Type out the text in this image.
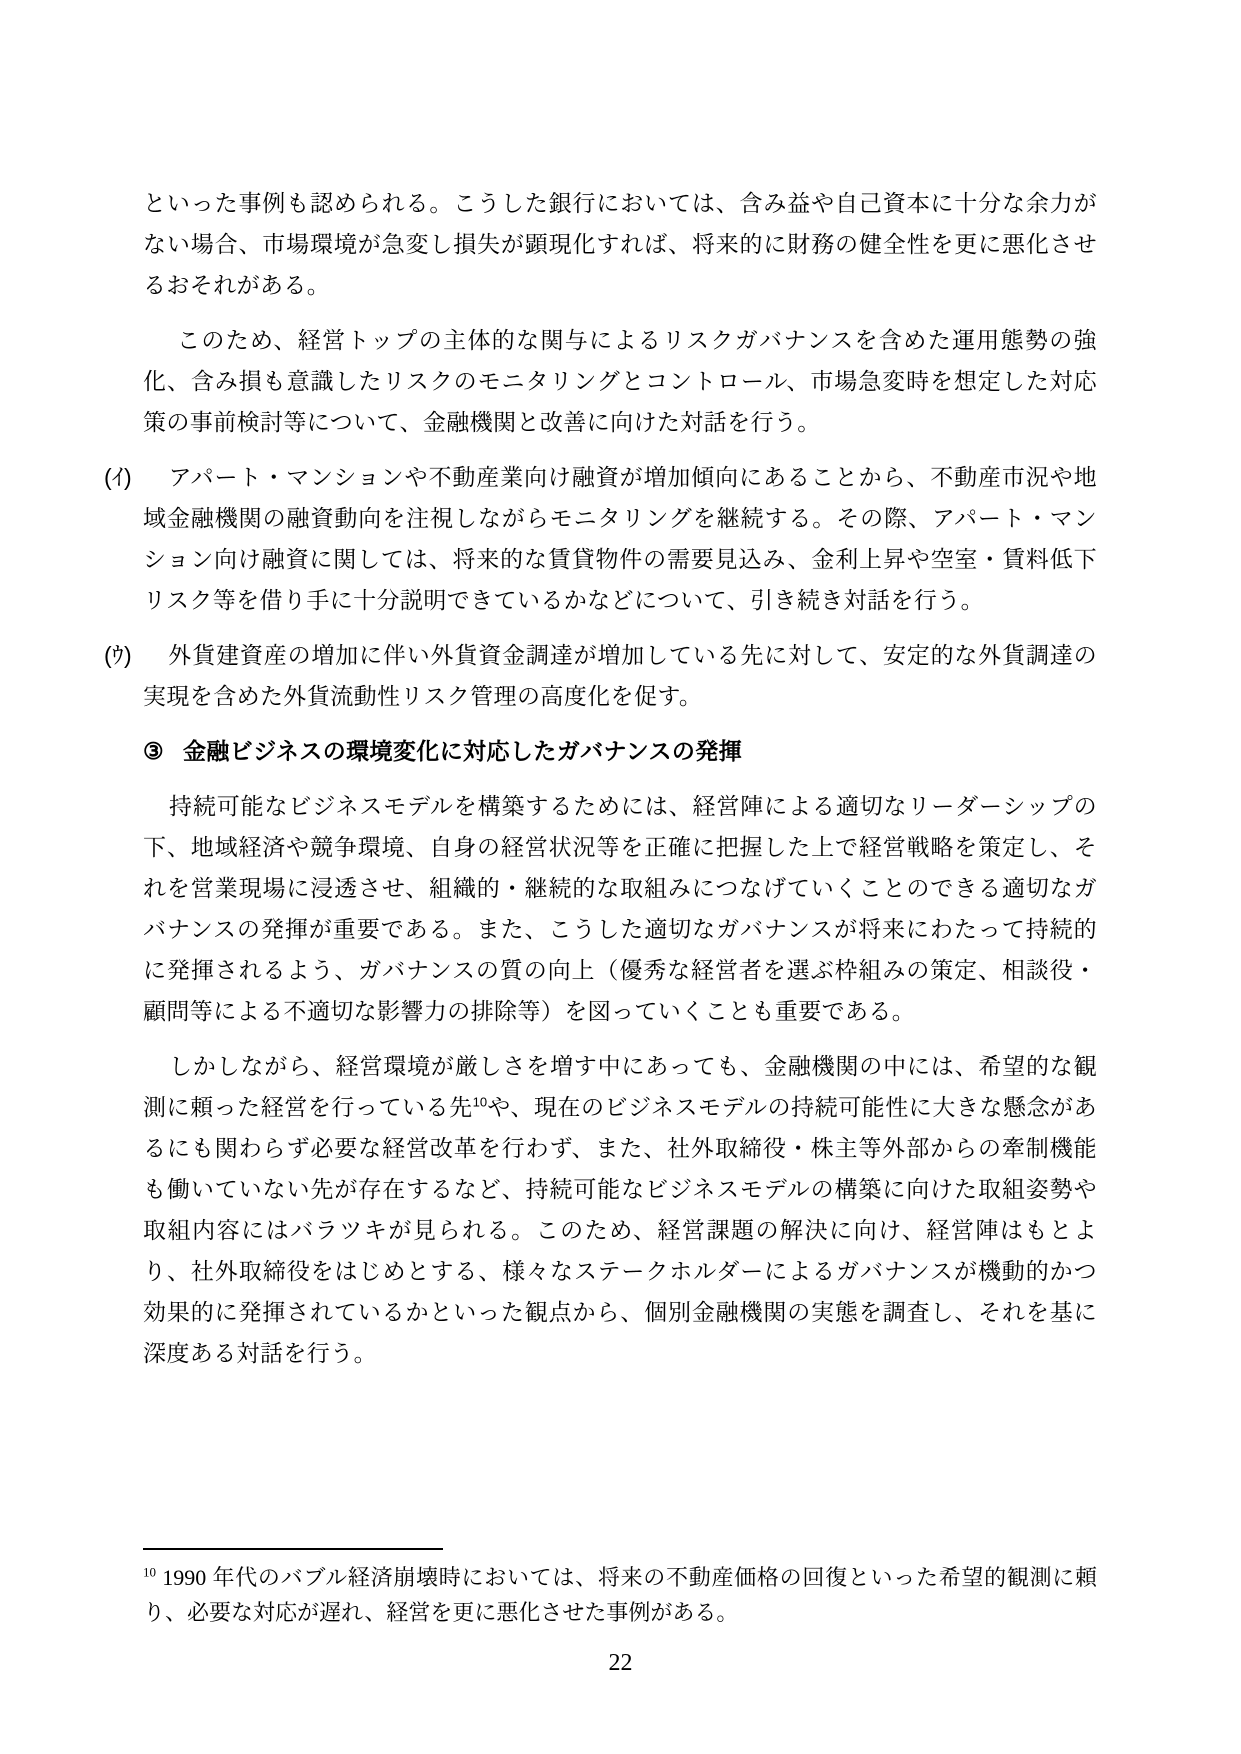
といった事例も認められる。こうした銀行においては、含み益や自己資本に十分な余力がない場合、市場環境が急変し損失が顕現化すれば、将来的に財務の健全性を更に悪化させるおそれがある。

このため、経営トップの主体的な関与によるリスクガバナンスを含めた運用態勢の強化、含み損も意識したリスクのモニタリングとコントロール、市場急変時を想定した対応策の事前検討等について、金融機関と改善に向けた対話を行う。

(ｲ) アパート・マンションや不動産業向け融資が増加傾向にあることから、不動産市況や地域金融機関の融資動向を注視しながらモニタリングを継続する。その際、アパート・マンション向け融資に関しては、将来的な賃貸物件の需要見込み、金利上昇や空室・賃料低下リスク等を借り手に十分説明できているかなどについて、引き続き対話を行う。

(ｳ) 外貨建資産の増加に伴い外貨資金調達が増加している先に対して、安定的な外貨調達の実現を含めた外貨流動性リスク管理の高度化を促す。

③ 金融ビジネスの環境変化に対応したガバナンスの発揮

持続可能なビジネスモデルを構築するためには、経営陣による適切なリーダーシップの下、地域経済や競争環境、自身の経営状況等を正確に把握した上で経営戦略を策定し、それを営業現場に浸透させ、組織的・継続的な取組みにつなげていくことのできる適切なガバナンスの発揮が重要である。また、こうした適切なガバナンスが将来にわたって持続的に発揮されるよう、ガバナンスの質の向上（優秀な経営者を選ぶ枠組みの策定、相談役・顧問等による不適切な影響力の排除等）を図っていくことも重要である。

しかしながら、経営環境が厳しさを増す中にあっても、金融機関の中には、希望的な観測に頼った経営を行っている先$^{10}$や、現在のビジネスモデルの持続可能性に大きな懸念があるにも関わらず必要な経営改革を行わず、また、社外取締役・株主等外部からの牽制機能も働いていない先が存在するなど、持続可能なビジネスモデルの構築に向けた取組姿勢や取組内容にはバラツキが見られる。このため、経営課題の解決に向け、経営陣はもとより、社外取締役をはじめとする、様々なステークホルダーによるガバナンスが機動的かつ効果的に発揮されているかといった観点から、個別金融機関の実態を調査し、それを基に深度ある対話を行う。

$^{10}$ 1990 年代のバブル経済崩壊時においては、将来の不動産価格の回復といった希望的観測に頼り、必要な対応が遅れ、経営を更に悪化させた事例がある。

22
